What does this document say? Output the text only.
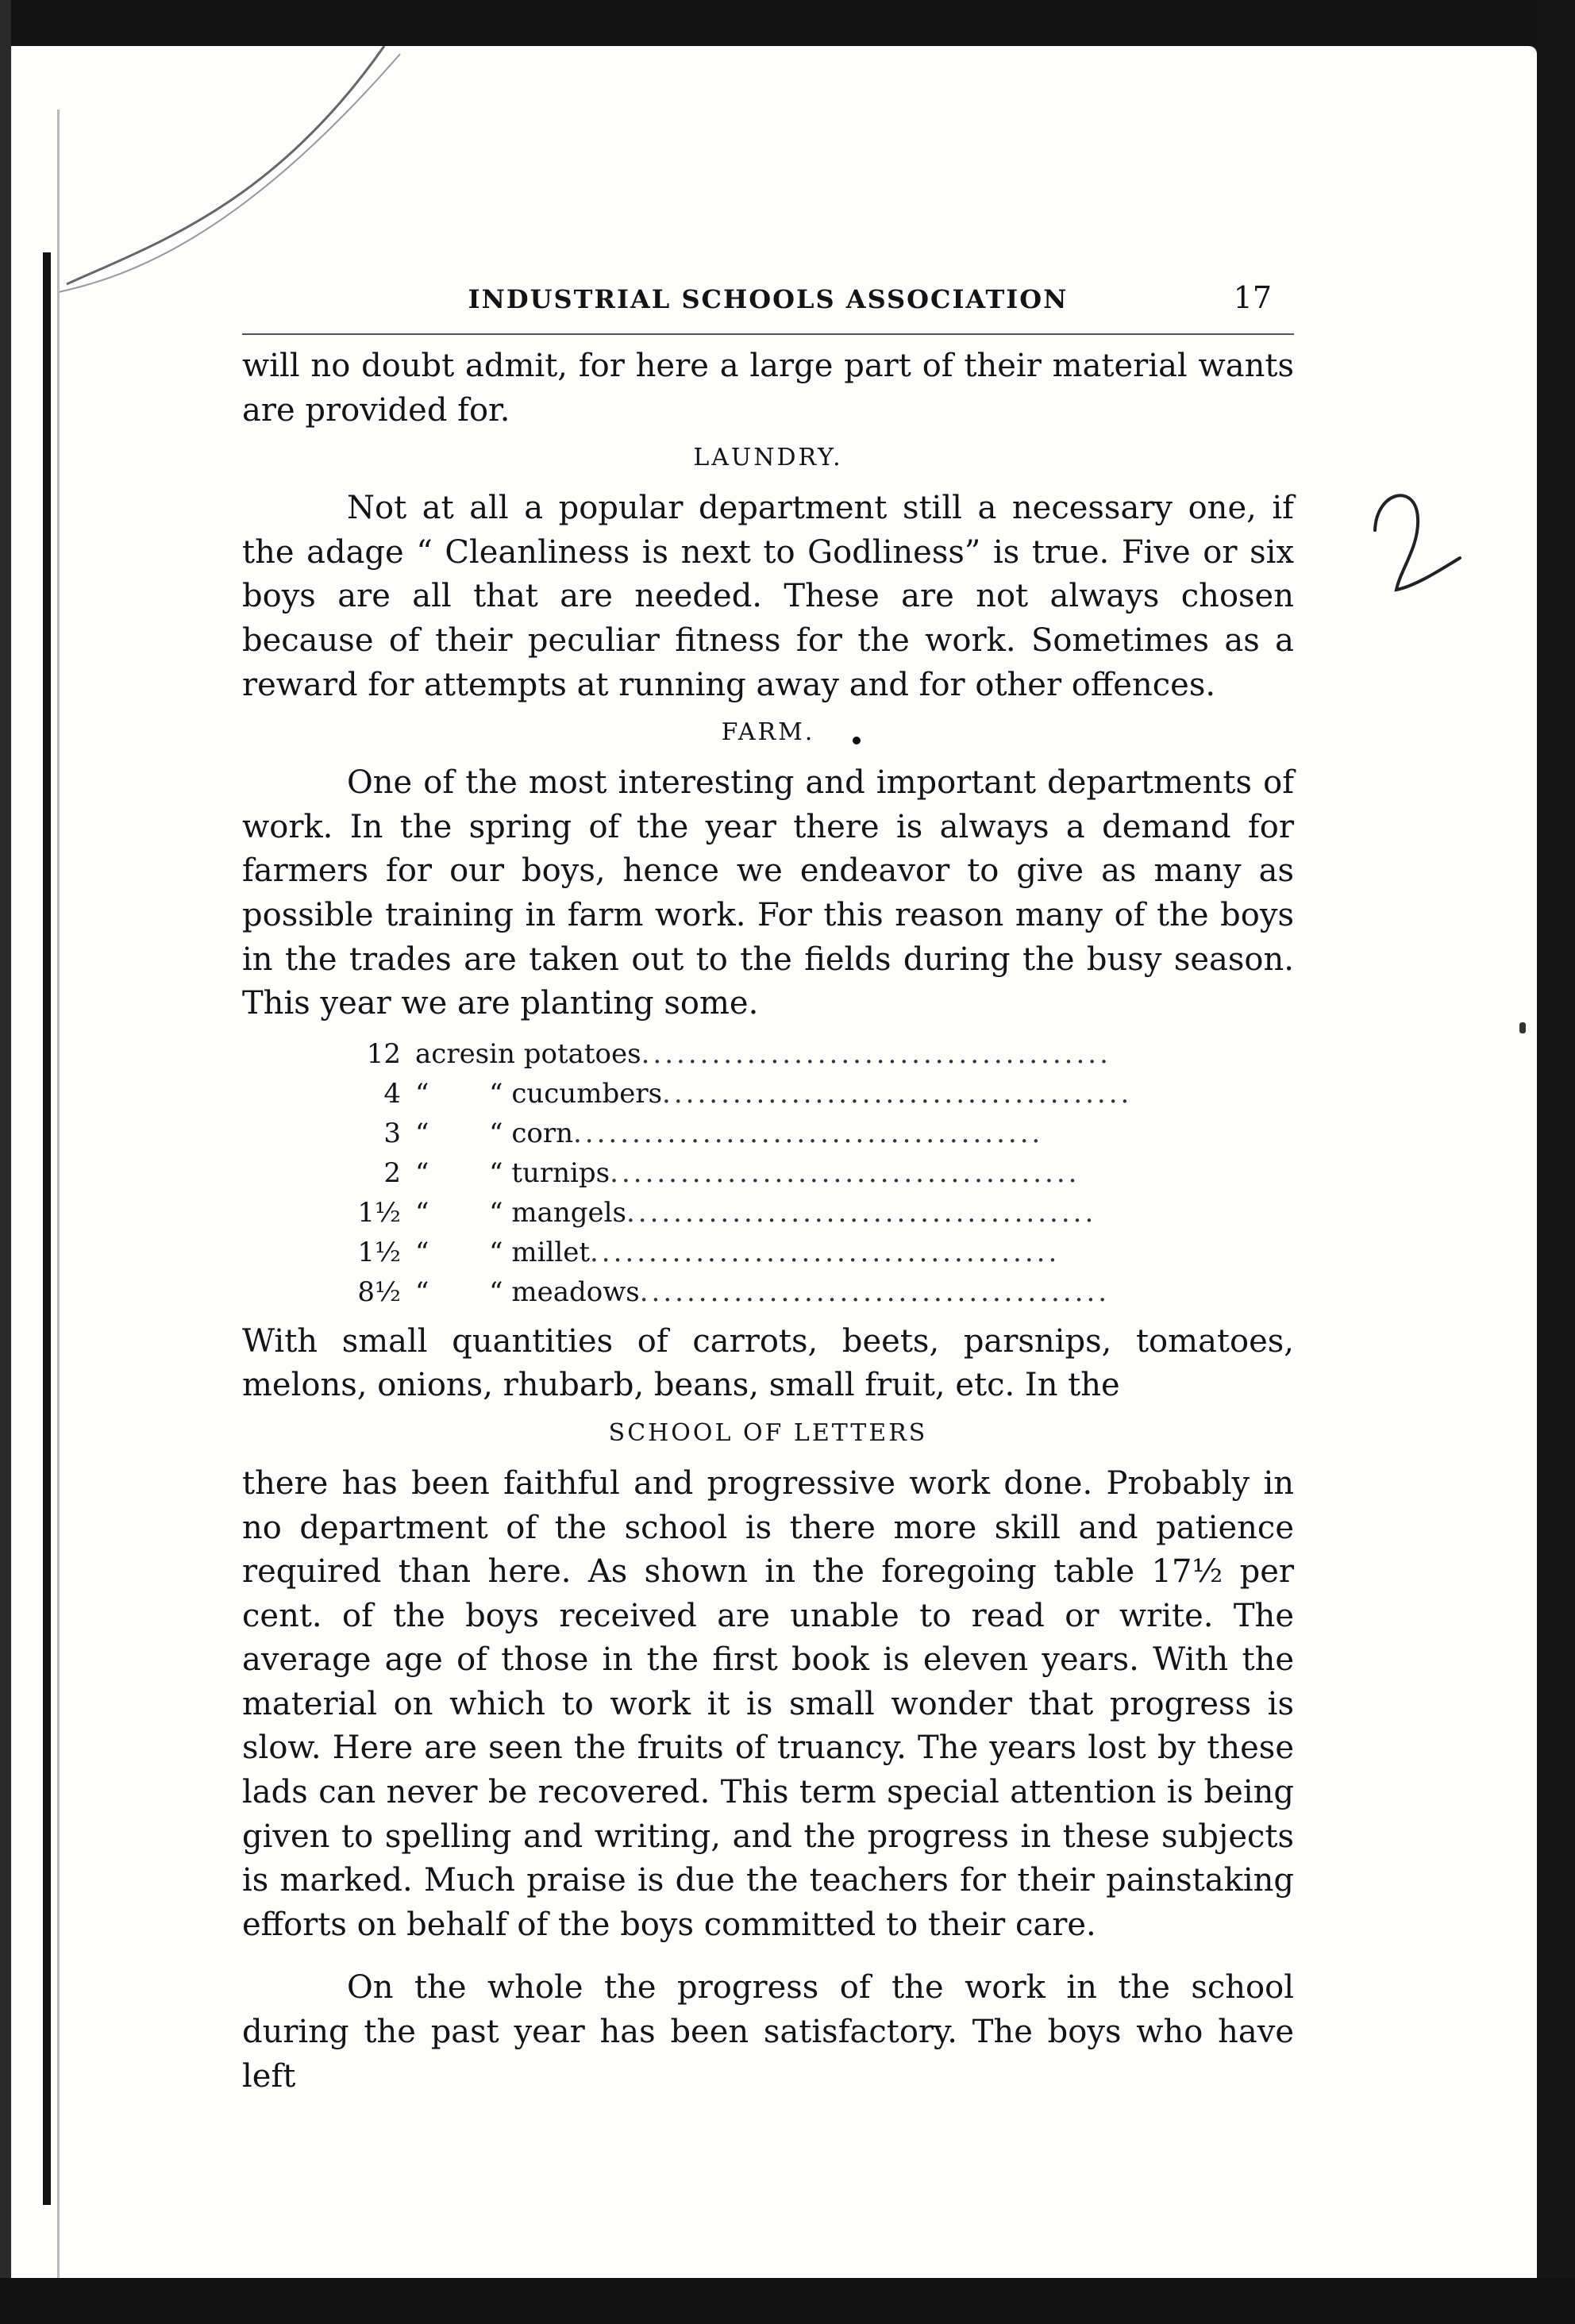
INDUSTRIAL SCHOOLS ASSOCIATION	17

will no doubt admit, for here a large part of their material wants are provided for.

LAUNDRY.

Not at all a popular department still a necessary one, if the adage “ Cleanliness is next to Godliness” is true. Five or six boys are all that are needed. These are not always chosen because of their peculiar fitness for the work. Sometimes as a reward for attempts at running away and for other offences.

FARM.

One of the most interesting and important departments of work. In the spring of the year there is always a demand for farmers for our boys, hence we endeavor to give as many as possible training in farm work. For this reason many of the boys in the trades are taken out to the fields during the busy season. This year we are planting some.

12	acres	in potatoes........................................
4	“	“ cucumbers........................................
3	“	“ corn........................................
2	“	“ turnips........................................
1½	“	“ mangels........................................
1½	“	“ millet........................................
8½	“	“ meadows........................................

With small quantities of carrots, beets, parsnips, tomatoes, melons, onions, rhubarb, beans, small fruit, etc. In the

SCHOOL OF LETTERS

there has been faithful and progressive work done. Probably in no department of the school is there more skill and patience required than here. As shown in the foregoing table 17½ per cent. of the boys received are unable to read or write. The average age of those in the first book is eleven years. With the material on which to work it is small wonder that progress is slow. Here are seen the fruits of truancy. The years lost by these lads can never be recovered. This term special attention is being given to spelling and writing, and the progress in these subjects is marked. Much praise is due the teachers for their painstaking efforts on behalf of the boys committed to their care.

On the whole the progress of the work in the school during the past year has been satisfactory. The boys who have left
